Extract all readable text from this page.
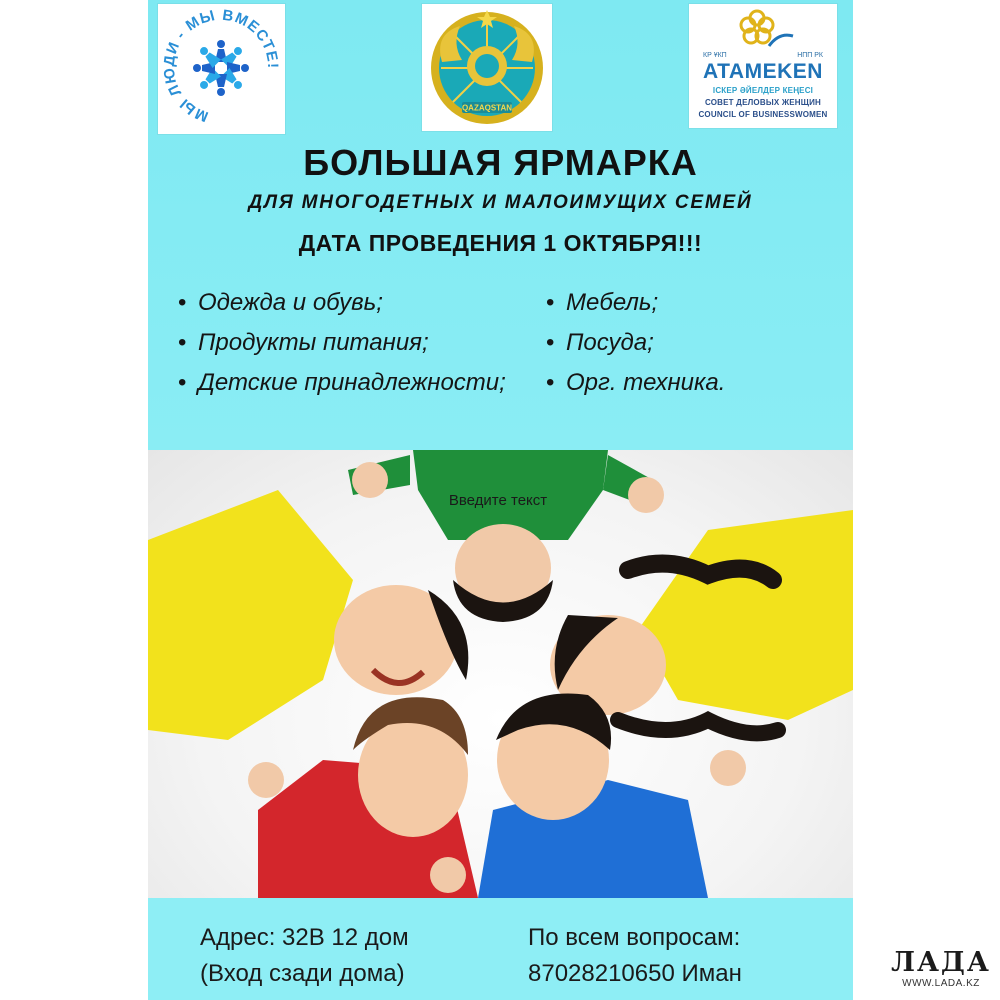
МЫ ЛЮДИ - МЫ ВМЕСТЕ!
QAZAQSTAN
КР ҰКП	НПП РК
ATAMEKEN
ІСКЕР ӘЙЕЛДЕР КЕҢЕСІ
СОВЕТ ДЕЛОВЫХ ЖЕНЩИН
COUNCIL OF BUSINESSWOMEN
БОЛЬШАЯ ЯРМАРКА
ДЛЯ МНОГОДЕТНЫХ И МАЛОИМУЩИХ СЕМЕЙ
ДАТА ПРОВЕДЕНИЯ 1 ОКТЯБРЯ!!!
• Одежда и обувь;
• Продукты питания;
• Детские принадлежности;
• Мебель;
• Посуда;
• Орг. техника.
Введите текст
Адрес: 32В 12 дом
(Вход сзади дома)
По всем вопросам:
87028210650 Иман	ЛАДА
WWW.LADA.KZ
